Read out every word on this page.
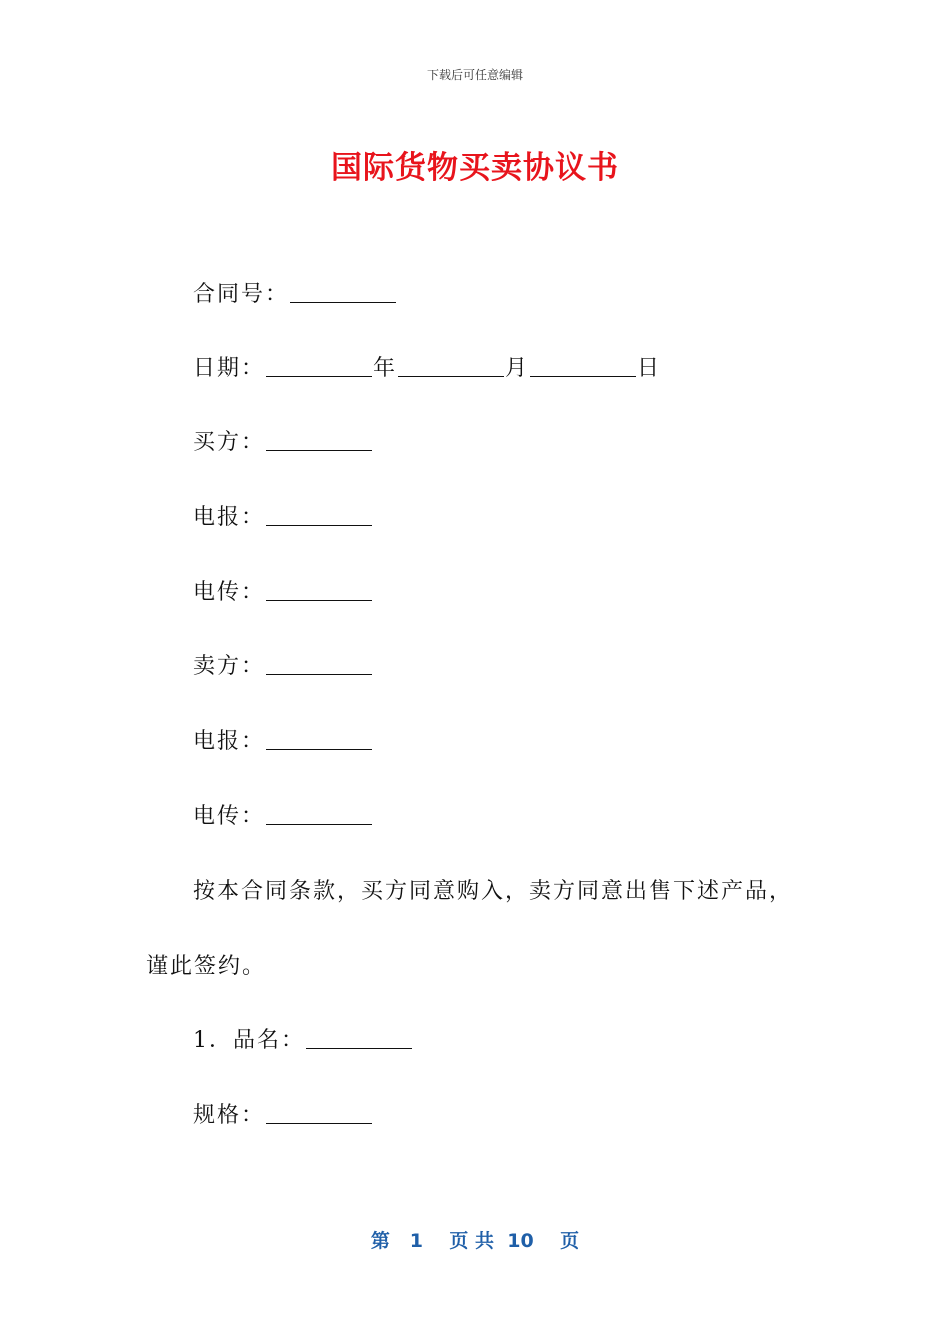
下载后可任意编辑
国际货物买卖协议书
合同号：
日期：	年	月	日
买方：
电报：
电传：
卖方：
电报：
电传：
按本合同条款，买方同意购入，卖方同意出售下述产品，
谨此签约。
1．品名：
规格：
第 1 页 共 10 页
